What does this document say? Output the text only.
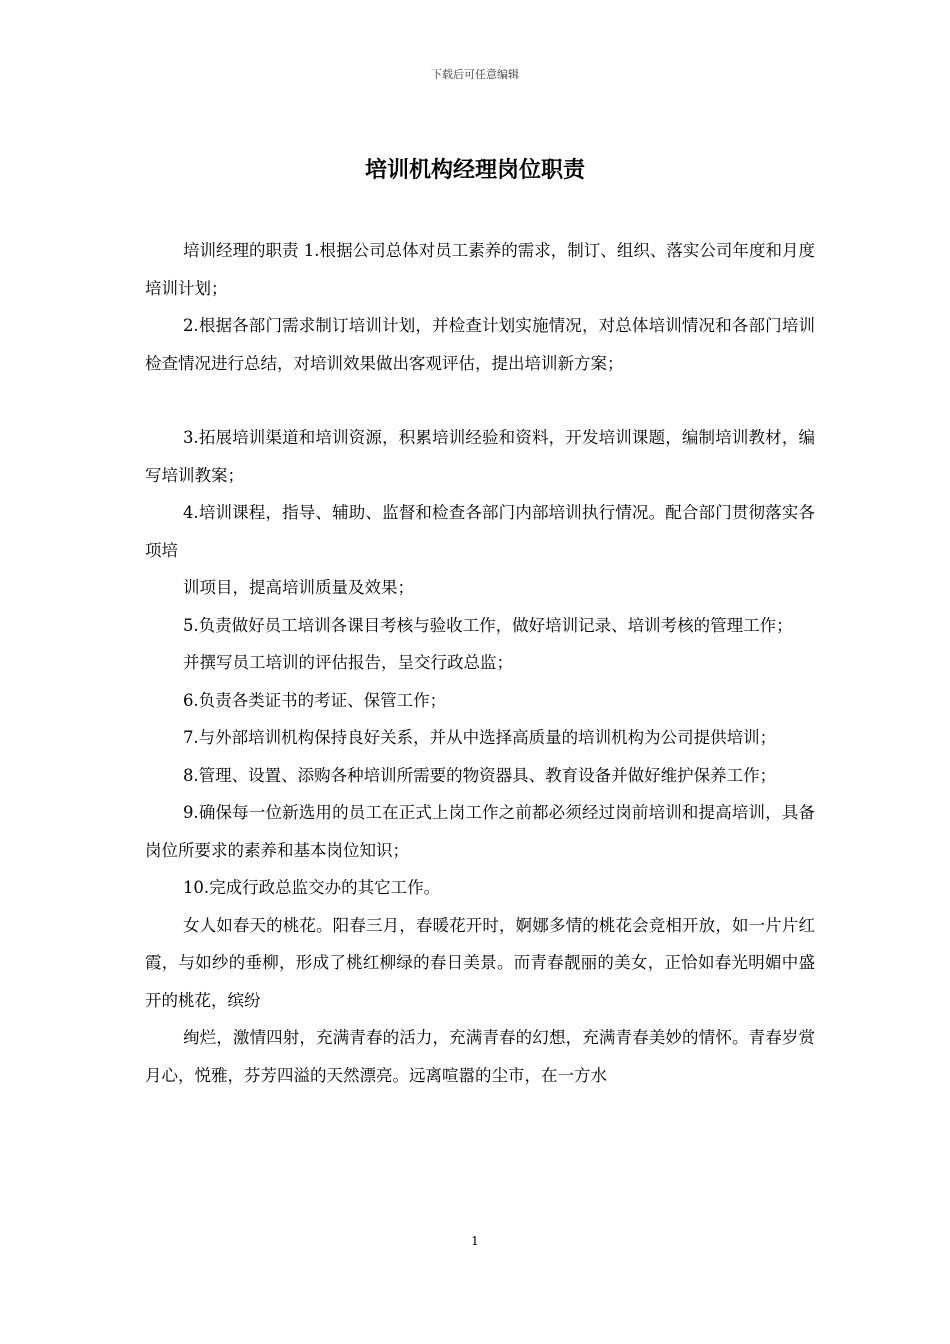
下载后可任意编辑
培训机构经理岗位职责

培训经理的职责 1.根据公司总体对员工素养的需求，制订、组织、落实公司年度和月度培训计划；

2.根据各部门需求制订培训计划，并检查计划实施情况，对总体培训情况和各部门培训检查情况进行总结，对培训效果做出客观评估，提出培训新方案；

3.拓展培训渠道和培训资源，积累培训经验和资料，开发培训课题，编制培训教材，编写培训教案；

4.培训课程，指导、辅助、监督和检查各部门内部培训执行情况。配合部门贯彻落实各项培

训项目，提高培训质量及效果；

5.负责做好员工培训各课目考核与验收工作，做好培训记录、培训考核的管理工作；

并撰写员工培训的评估报告，呈交行政总监；

6.负责各类证书的考证、保管工作；

7.与外部培训机构保持良好关系，并从中选择高质量的培训机构为公司提供培训；

8.管理、设置、添购各种培训所需要的物资器具、教育设备并做好维护保养工作；

9.确保每一位新选用的员工在正式上岗工作之前都必须经过岗前培训和提高培训，具备岗位所要求的素养和基本岗位知识；

10.完成行政总监交办的其它工作。

女人如春天的桃花。阳春三月，春暖花开时，婀娜多情的桃花会竞相开放，如一片片红霞，与如纱的垂柳，形成了桃红柳绿的春日美景。而青春靓丽的美女，正恰如春光明媚中盛开的桃花，缤纷

绚烂，激情四射，充满青春的活力，充满青春的幻想，充满青春美妙的情怀。青春岁赏月心，悦雅，芬芳四溢的天然漂亮。远离喧嚣的尘市，在一方水

1
